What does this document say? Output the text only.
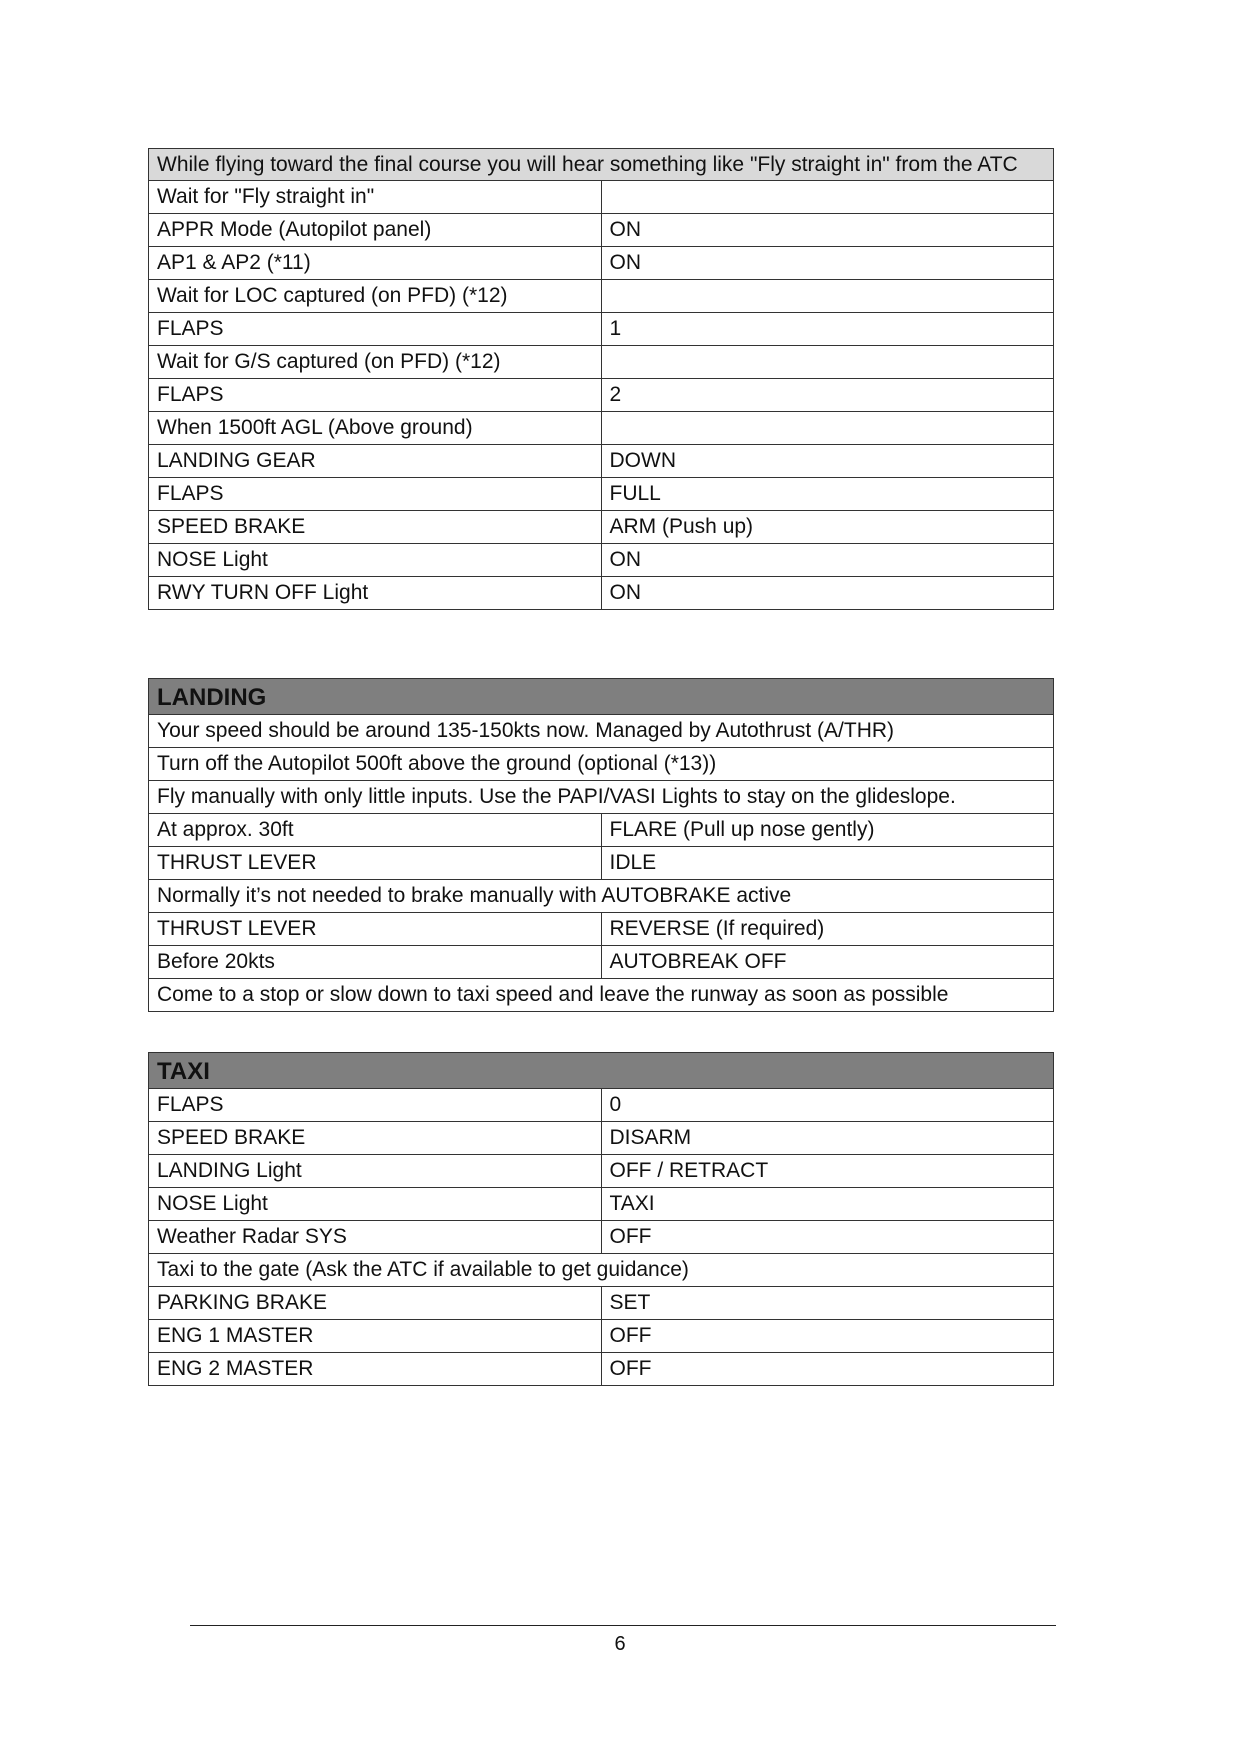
While flying toward the final course you will hear something like "Fly straight in" from the ATC	
Wait for "Fly straight in"	
APPR Mode (Autopilot panel)	ON
AP1 & AP2 (*11)	ON
Wait for LOC captured (on PFD) (*12)	
FLAPS	1
Wait for G/S captured (on PFD) (*12)	
FLAPS	2
When 1500ft AGL (Above ground)	
LANDING GEAR	DOWN
FLAPS	FULL
SPEED BRAKE	ARM (Push up)
NOSE Light	ON
RWY TURN OFF Light	ON
LANDING	
Your speed should be around 135-150kts now. Managed by Autothrust (A/THR)	
Turn off the Autopilot 500ft above the ground (optional (*13))	
Fly manually with only little inputs. Use the PAPI/VASI Lights to stay on the glideslope.	
At approx. 30ft	FLARE (Pull up nose gently)
THRUST LEVER	IDLE
Normally it’s not needed to brake manually with AUTOBRAKE active	
THRUST LEVER	REVERSE (If required)
Before 20kts	AUTOBREAK OFF
Come to a stop or slow down to taxi speed and leave the runway as soon as possible	
TAXI	
FLAPS	0
SPEED BRAKE	DISARM
LANDING Light	OFF / RETRACT
NOSE Light	TAXI
Weather Radar SYS	OFF
Taxi to the gate (Ask the ATC if available to get guidance)	
PARKING BRAKE	SET
ENG 1 MASTER	OFF
ENG 2 MASTER	OFF
6
